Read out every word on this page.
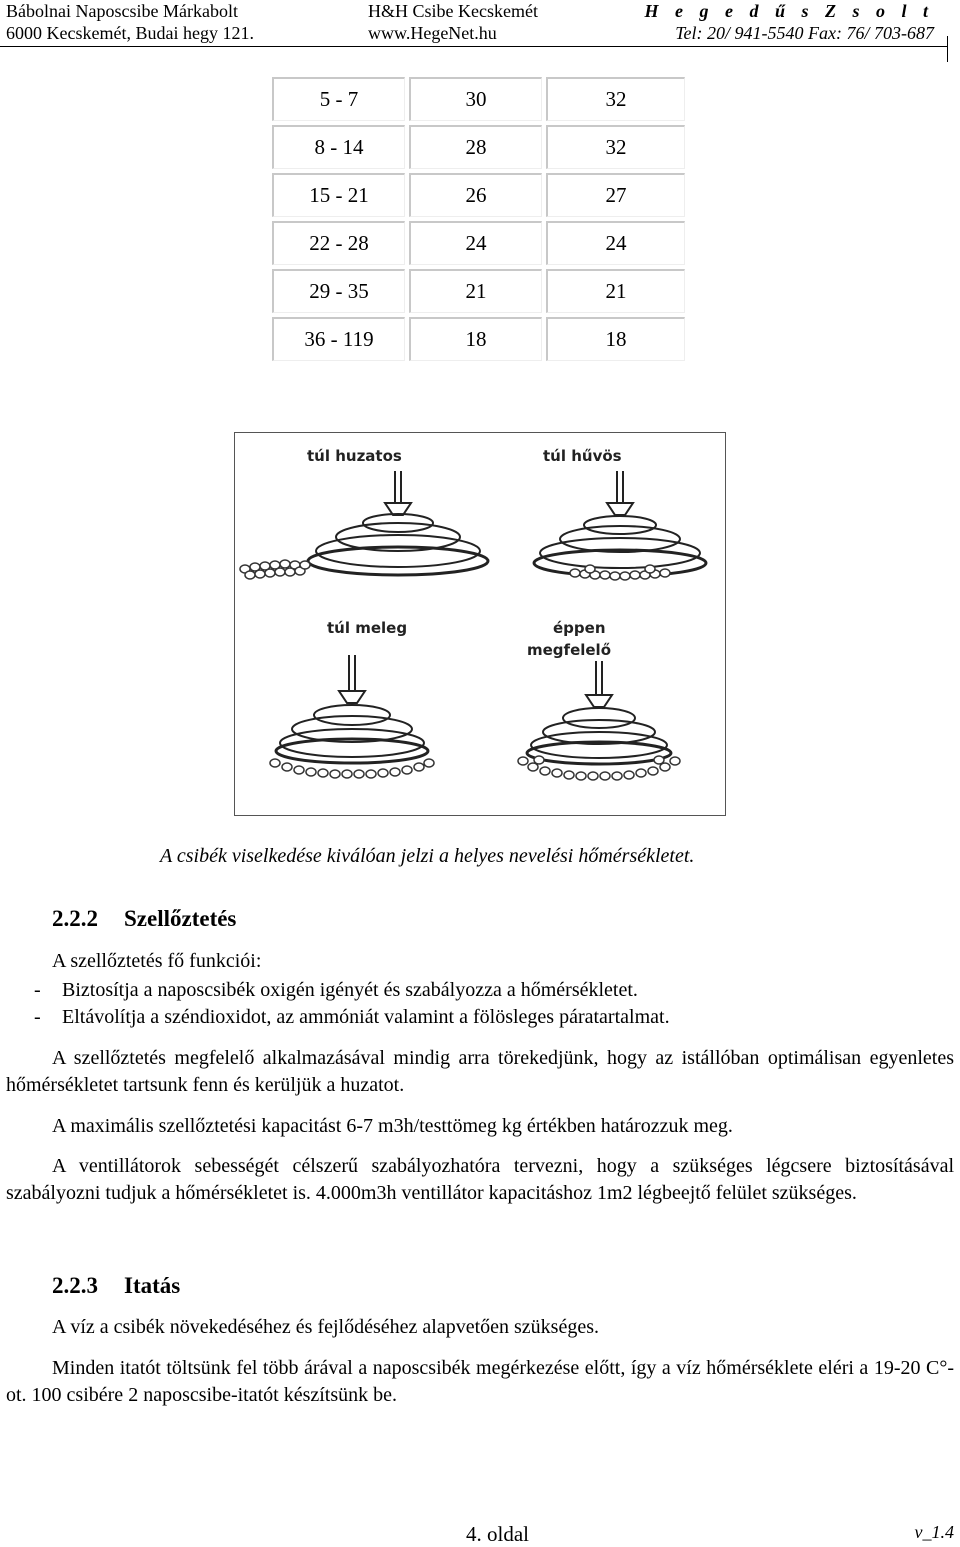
Bábolnai Naposcsibe Márkabolt
6000 Kecskemét, Budai hegy 121.
H&H Csibe Kecskemét
www.HegeNet.hu
H e g e d ű s Z s o l t
Tel: 20/ 941-5540 Fax: 76/ 703-687
5 - 7	30	32
8 - 14	28	32
15 - 21	26	27
22 - 28	24	24
29 - 35	21	21
36 - 119	18	18
túl huzatos	túl hűvös
túl meleg	éppen
megfelelő
A csibék viselkedése kiválóan jelzi a helyes nevelési hőmérsékletet.
2.2.2 Szellőztetés
A szellőztetés fő funkciói:
- Biztosítja a naposcsibék oxigén igényét és szabályozza a hőmérsékletet.
- Eltávolítja a széndioxidot, az ammóniát valamint a fölösleges páratartalmat.
A szellőztetés megfelelő alkalmazásával mindig arra törekedjünk, hogy az istállóban optimálisan egyenletes hőmérsékletet tartsunk fenn és kerüljük a huzatot.
A maximális szellőztetési kapacitást 6-7 m3h/testtömeg kg értékben határozzuk meg.
A ventillátorok sebességét célszerű szabályozhatóra tervezni, hogy a szükséges légcsere biztosításával szabályozni tudjuk a hőmérsékletet is. 4.000m3h ventillátor kapacitáshoz 1m2 légbeejtő felület szükséges.
2.2.3 Itatás
A víz a csibék növekedéséhez és fejlődéséhez alapvetően szükséges.
Minden itatót töltsünk fel több árával a naposcsibék megérkezése előtt, így a víz hőmérséklete eléri a 19-20 C°-ot. 100 csibére 2 naposcsibe-itatót készítsünk be.
4. oldal	v_1.4
